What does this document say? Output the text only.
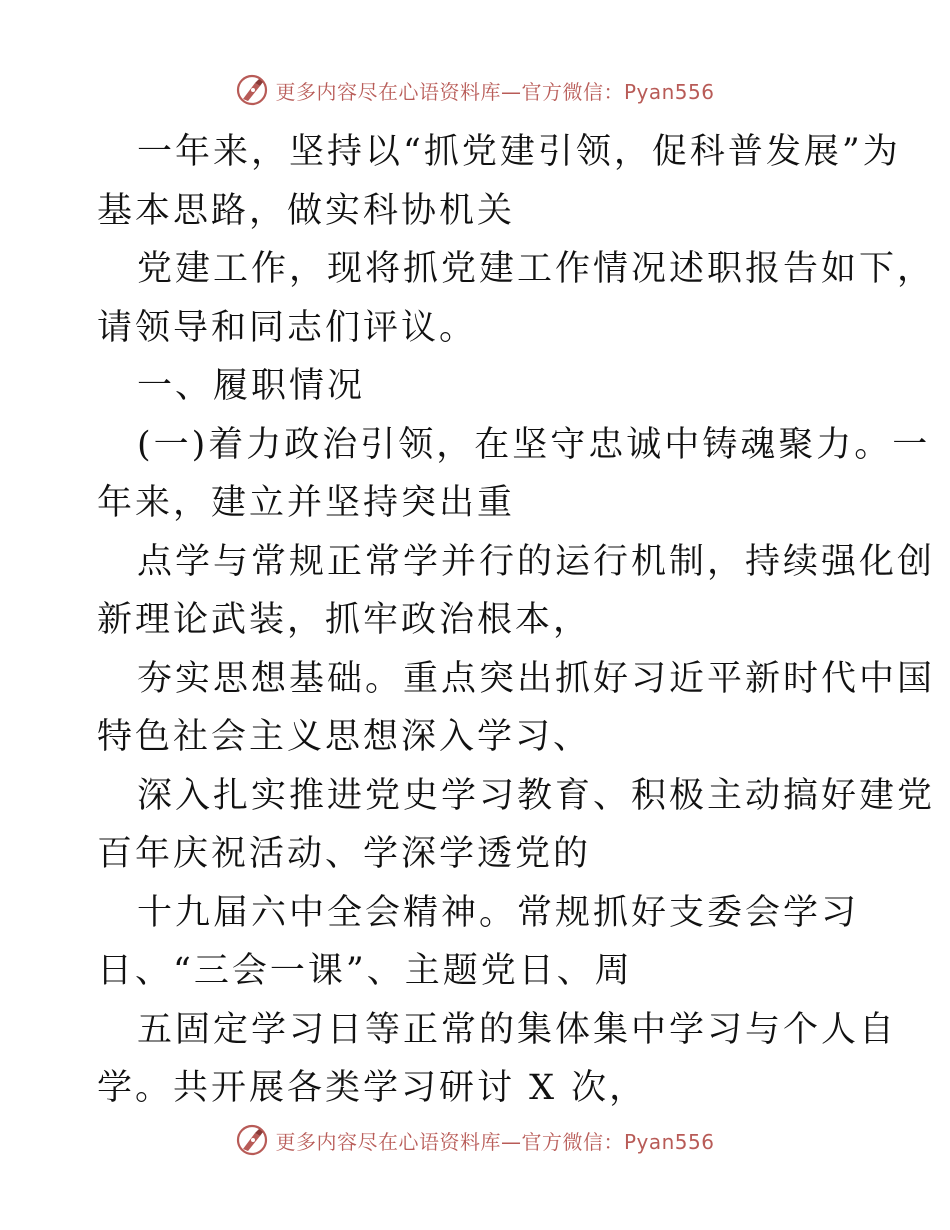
更多内容尽在心语资料库—官方微信：Pyan556
一年来，坚持以“抓党建引领，促科普发展”为
基本思路，做实科协机关
党建工作，现将抓党建工作情况述职报告如下，
请领导和同志们评议。
一、履职情况
(一)着力政治引领，在坚守忠诚中铸魂聚力。一
年来，建立并坚持突出重
点学与常规正常学并行的运行机制，持续强化创
新理论武装，抓牢政治根本，
夯实思想基础。重点突出抓好习近平新时代中国
特色社会主义思想深入学习、
深入扎实推进党史学习教育、积极主动搞好建党
百年庆祝活动、学深学透党的
十九届六中全会精神。常规抓好支委会学习
日、“三会一课”、主题党日、周
五固定学习日等正常的集体集中学习与个人自
学。共开展各类学习研讨 X 次，
更多内容尽在心语资料库—官方微信：Pyan556
